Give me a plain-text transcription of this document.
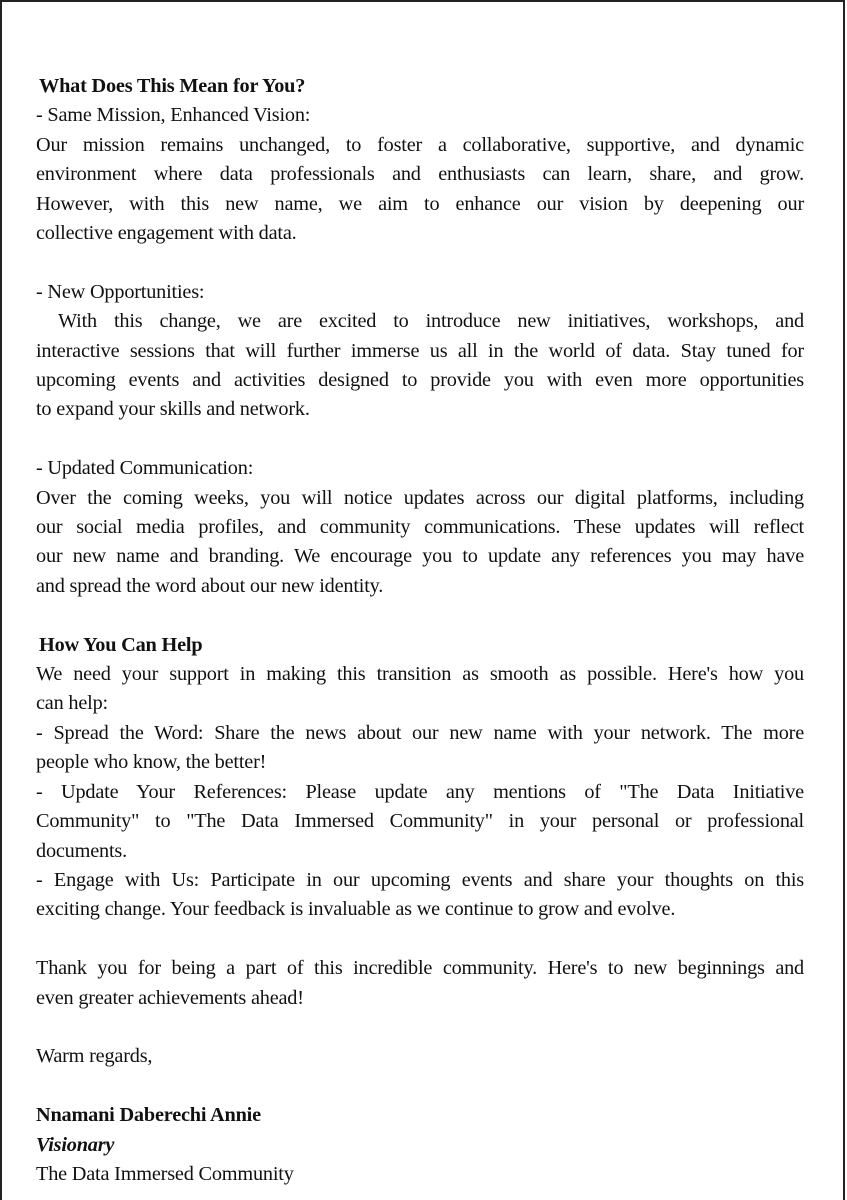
What Does This Mean for You?
- Same Mission, Enhanced Vision:
Our mission remains unchanged, to foster a collaborative, supportive, and dynamic
environment where data professionals and enthusiasts can learn, share, and grow.
However, with this new name, we aim to enhance our vision by deepening our
collective engagement with data.
- New Opportunities:
With this change, we are excited to introduce new initiatives, workshops, and
interactive sessions that will further immerse us all in the world of data. Stay tuned for
upcoming events and activities designed to provide you with even more opportunities
to expand your skills and network.
- Updated Communication:
Over the coming weeks, you will notice updates across our digital platforms, including
our social media profiles, and community communications. These updates will reflect
our new name and branding. We encourage you to update any references you may have
and spread the word about our new identity.
How You Can Help
We need your support in making this transition as smooth as possible. Here's how you
can help:
- Spread the Word: Share the news about our new name with your network. The more
people who know, the better!
- Update Your References: Please update any mentions of "The Data Initiative
Community" to "The Data Immersed Community" in your personal or professional
documents.
- Engage with Us: Participate in our upcoming events and share your thoughts on this
exciting change. Your feedback is invaluable as we continue to grow and evolve.
Thank you for being a part of this incredible community. Here's to new beginnings and
even greater achievements ahead!
Warm regards,
Nnamani Daberechi Annie
Visionary
The Data Immersed Community
